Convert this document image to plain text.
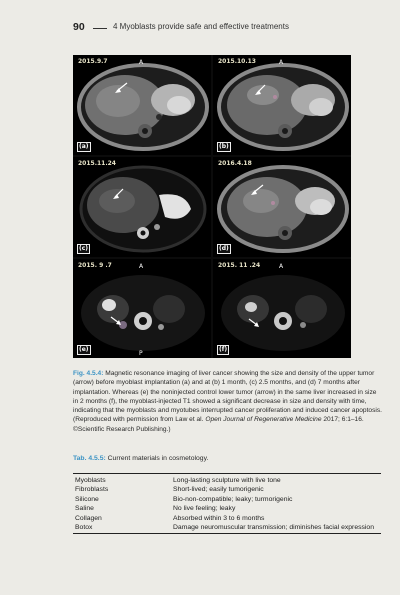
90	4 Myoblasts provide safe and effective treatments
A
2015.9.7
(a)
A
2015.10.13
(b)
2015.11.24
(c)
2016.4.18
(d)
A
P
2015. 9 .7
(e)
A
2015. 11 .24
(f)
Fig. 4.5.4: Magnetic resonance imaging of liver cancer showing the size and density of the upper tumor (arrow) before myoblast implantation (a) and at (b) 1 month, (c) 2.5 months, and (d) 7 months after implantation. Whereas (e) the noninjected control lower tumor (arrow) in the same liver increased in size in 2 months (f), the myoblast-injected T1 showed a significant decrease in size and density with time, indicating that the myoblasts and myotubes interrupted cancer proliferation and induced cancer apoptosis. (Reproduced with permission from Law et al. Open Journal of Regenerative Medicine 2017; 6:1–16. ©Scientific Research Publishing.)
Tab. 4.5.5: Current materials in cosmetology.
Myoblasts	Long-lasting sculpture with live tone
Fibroblasts	Short-lived; easily tumorigenic
Silicone	Bio-non-compatible; leaky; turmorigenic
Saline	No live feeling; leaky
Collagen	Absorbed within 3 to 6 months
Botox	Damage neuromuscular transmission; diminishes facial expression
